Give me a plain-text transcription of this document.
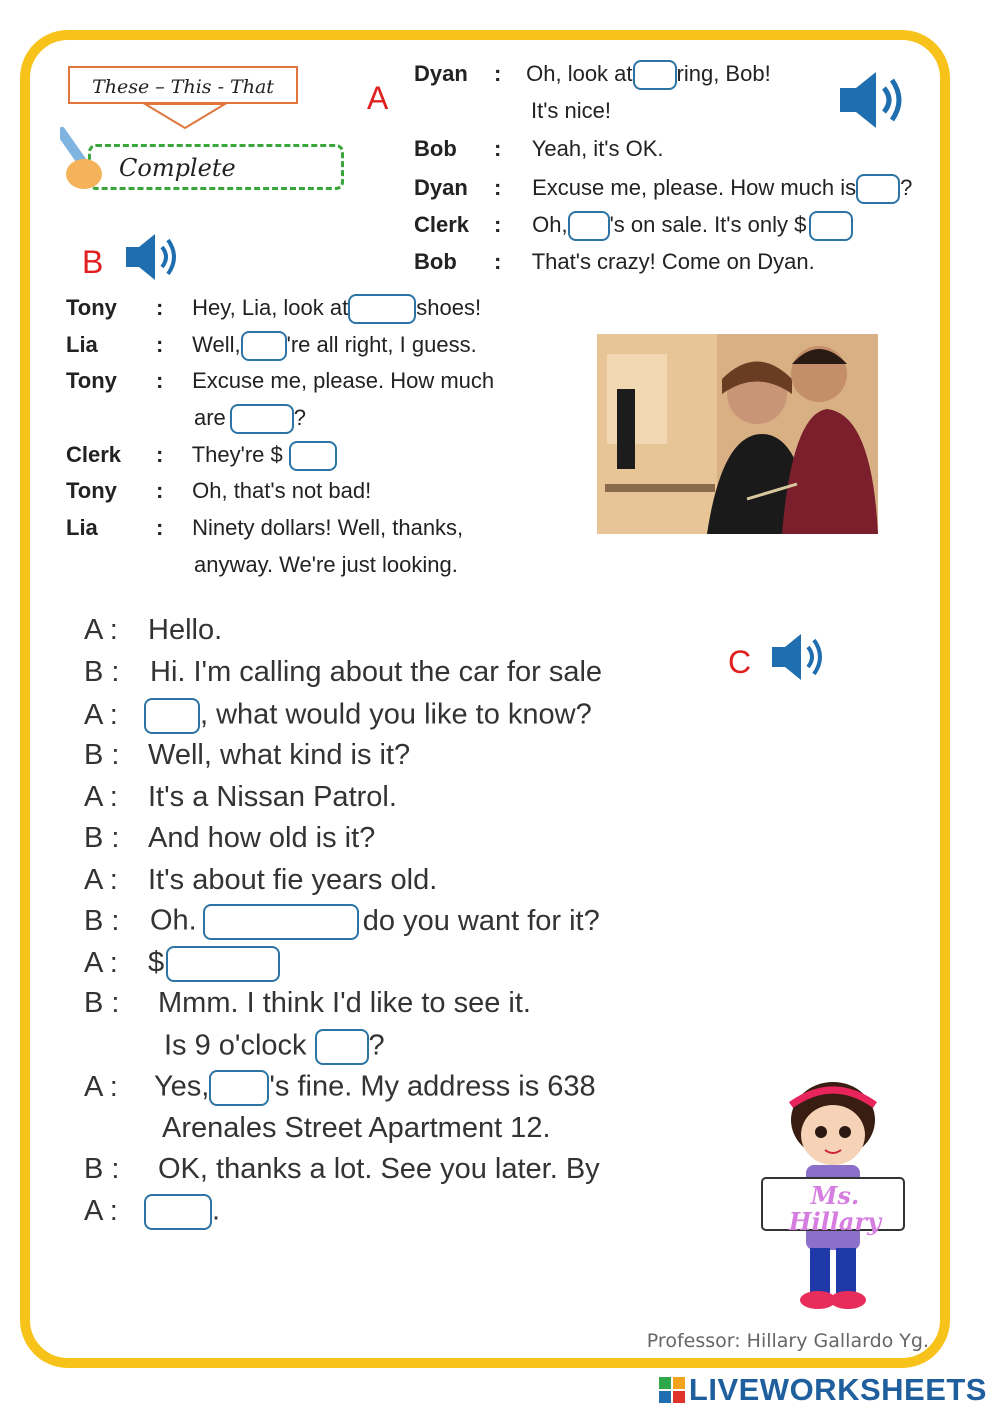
These – This - That
Complete
A
Dyan : Oh, look at ring, Bob!
It's nice!
Bob : Yeah, it's OK.
Dyan : Excuse me, please. How much is ?
Clerk : Oh, 's on sale. It's only $
Bob : That's crazy! Come on Dyan.
B
Tony : Hey, Lia, look at	shoes!
Lia	: Well, 're all right, I guess.
Tony : Excuse me, please. How much
are	?
Clerk : They're $
Tony : Oh, that's not bad!
Lia	: Ninety dollars! Well, thanks,
anyway. We're just looking.
C
A : Hello.
B : Hi. I'm calling about the car for sale
A :	, what would you like to know?
B : Well, what kind is it?
A : It's a Nissan Patrol.
B : And how old is it?
A : It's about fie years old.
B : Oh.	do you want for it?
A : $
B : Mmm. I think I'd like to see it.
Is 9 o'clock ?
A : Yes, 's fine. My address is 638
Arenales Street Apartment 12.
B : OK, thanks a lot. See you later. By
A :	.	Ms. Hillary
Professor: Hillary Gallardo Yg.
LIVEWORKSHEETS
